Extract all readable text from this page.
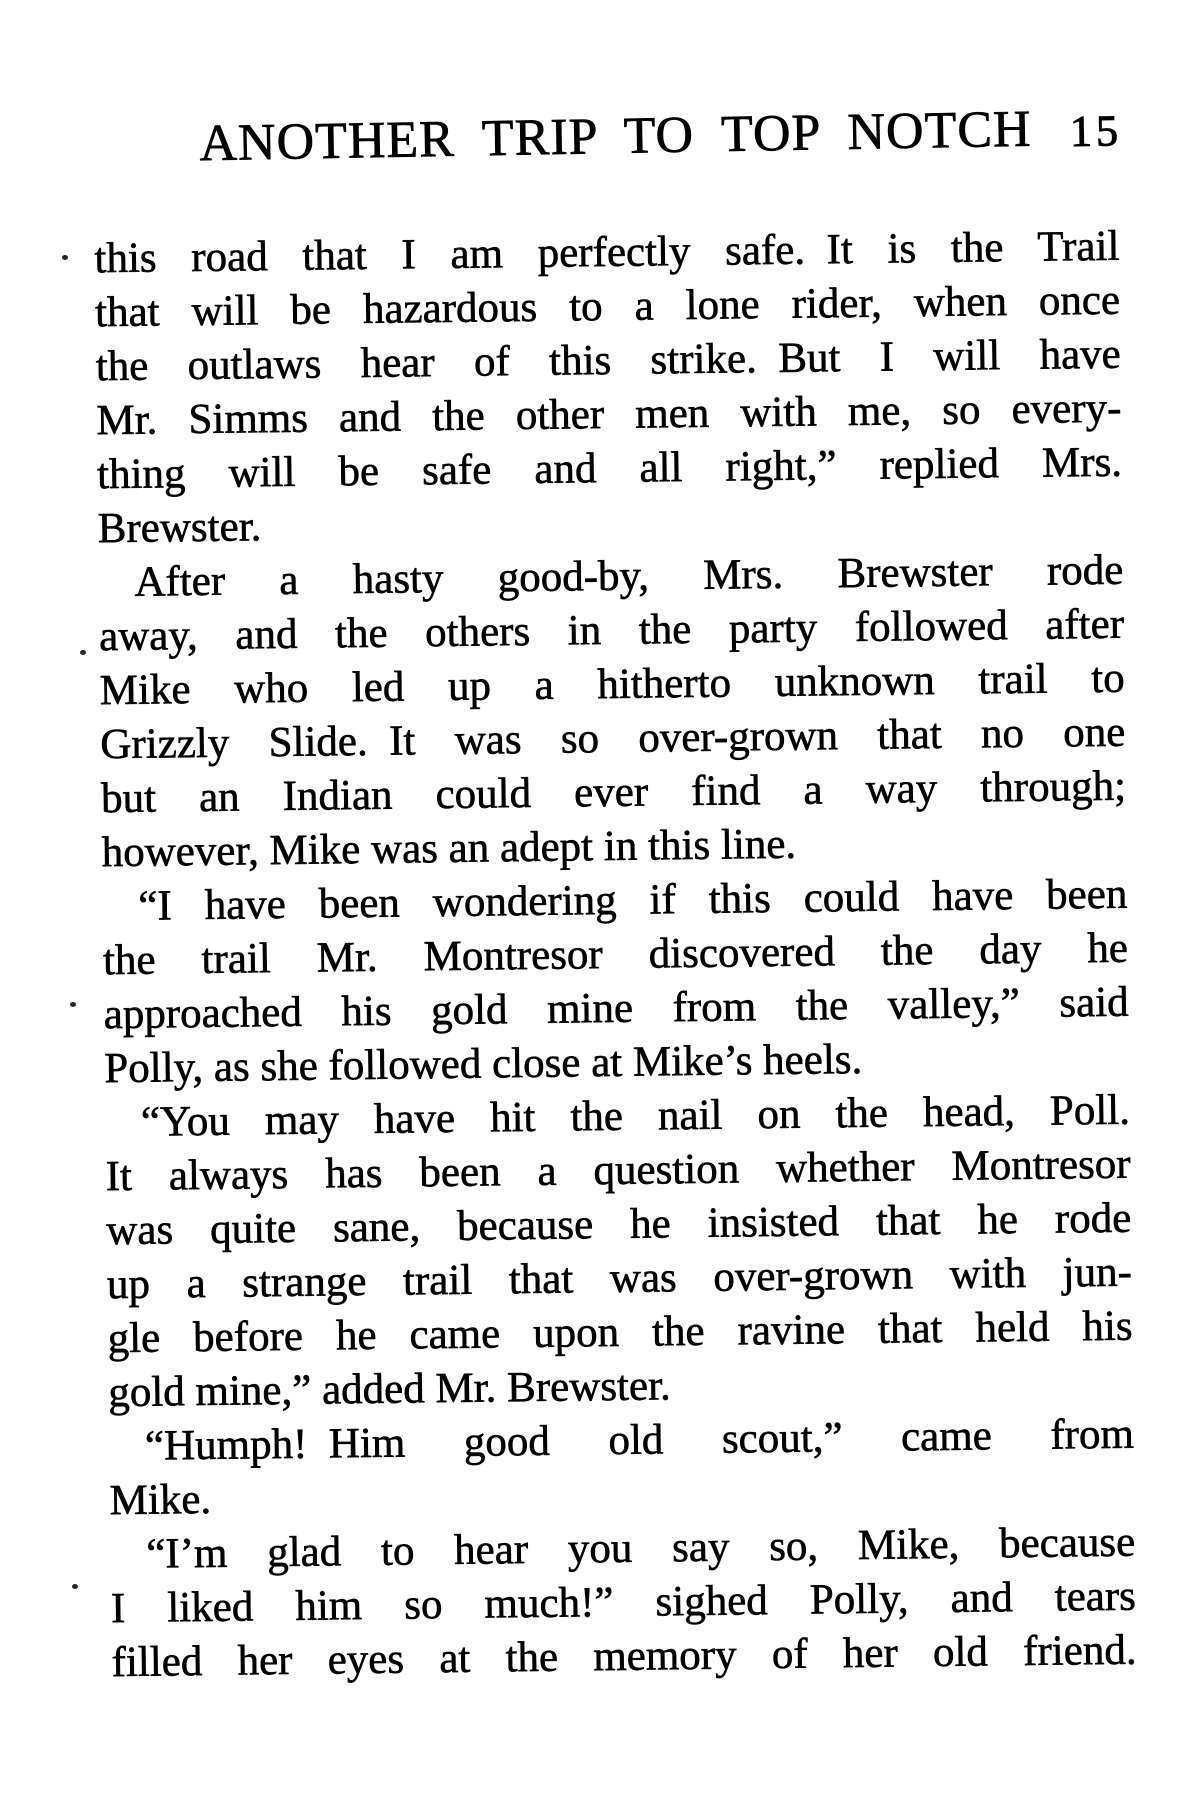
ANOTHER TRIP TO TOP NOTCH 15
this road that I am perfectly safe. It is the Trail
that will be hazardous to a lone rider, when once
the outlaws hear of this strike. But I will have
Mr. Simms and the other men with me, so every-
thing will be safe and all right,” replied Mrs.
Brewster.
After a hasty good-by, Mrs. Brewster rode
away, and the others in the party followed after
Mike who led up a hitherto unknown trail to
Grizzly Slide. It was so over-grown that no one
but an Indian could ever find a way through;
however, Mike was an adept in this line.
“I have been wondering if this could have been
the trail Mr. Montresor discovered the day he
approached his gold mine from the valley,” said
Polly, as she followed close at Mike’s heels.
“You may have hit the nail on the head, Poll.
It always has been a question whether Montresor
was quite sane, because he insisted that he rode
up a strange trail that was over-grown with jun-
gle before he came upon the ravine that held his
gold mine,” added Mr. Brewster.
“Humph! Him good old scout,” came from
Mike.
“I’m glad to hear you say so, Mike, because
I liked him so much!” sighed Polly, and tears
filled her eyes at the memory of her old friend.
